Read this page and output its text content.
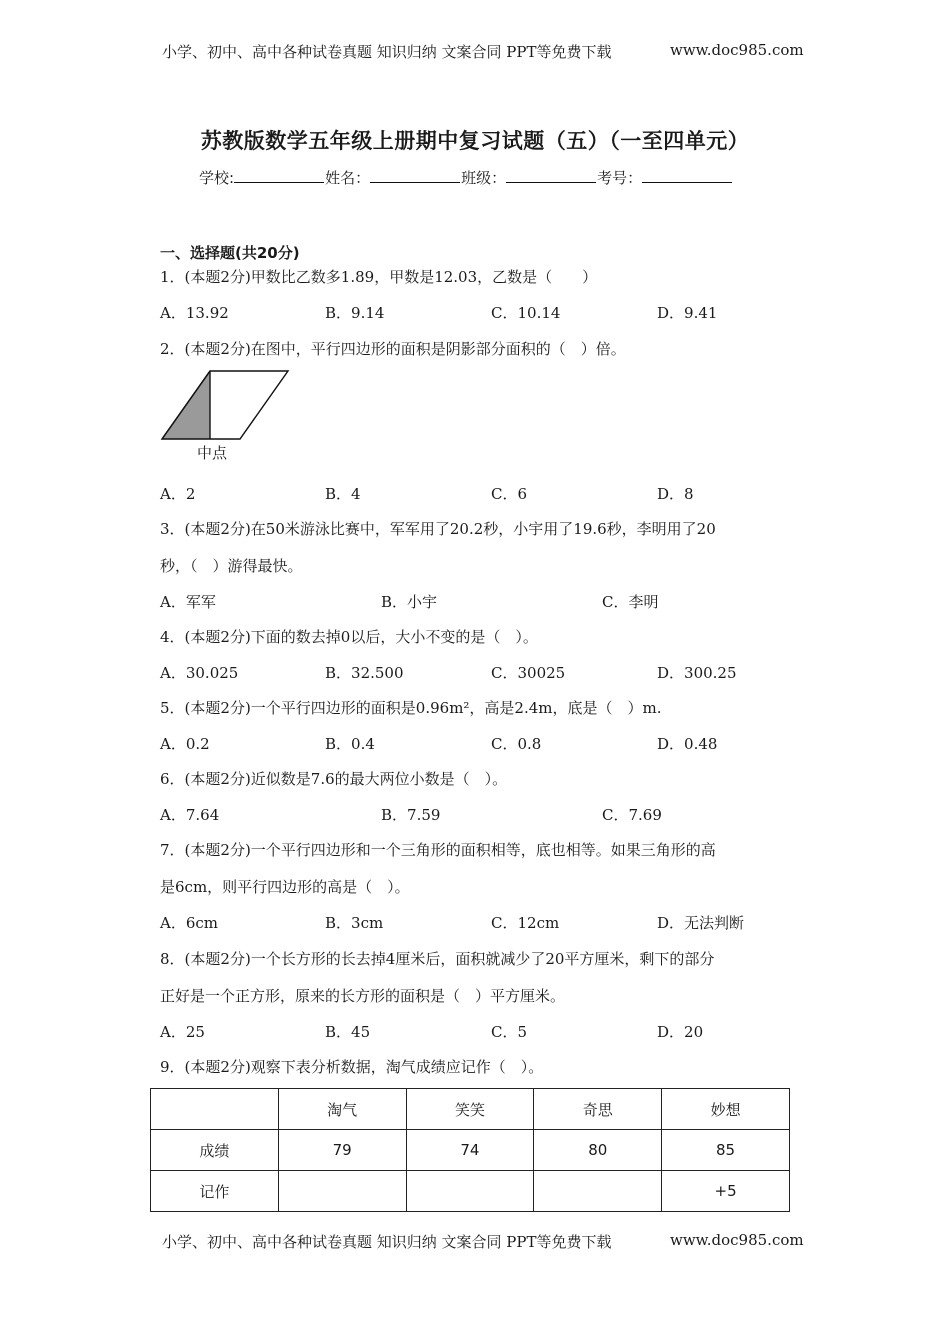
小学、初中、高中各种试卷真题 知识归纳 文案合同 PPT等免费下载	www.doc985.com
苏教版数学五年级上册期中复习试题（五）（一至四单元）
学校:	姓名：	班级：	考号：
一、选择题(共20分)
1．(本题2分)甲数比乙数多1.89，甲数是12.03，乙数是（　　）
A．13.92	B．9.14	C．10.14	D．9.41
2．(本题2分)在图中，平行四边形的面积是阴影部分面积的（　）倍。
中点
A．2	B．4	C．6	D．8
3．(本题2分)在50米游泳比赛中，军军用了20.2秒，小宇用了19.6秒，李明用了20
秒，（　）游得最快。
A．军军	B．小宇	C．李明
4．(本题2分)下面的数去掉0以后，大小不变的是（　）。
A．30.025	B．32.500	C．30025	D．300.25
5．(本题2分)一个平行四边形的面积是0.96m²，高是2.4m，底是（　）m.
A．0.2	B．0.4	C．0.8	D．0.48
6．(本题2分)近似数是7.6的最大两位小数是（　）。
A．7.64	B．7.59	C．7.69
7．(本题2分)一个平行四边形和一个三角形的面积相等，底也相等。如果三角形的高
是6cm，则平行四边形的高是（　）。
A．6cm	B．3cm	C．12cm	D．无法判断
8．(本题2分)一个长方形的长去掉4厘米后，面积就减少了20平方厘米，剩下的部分
正好是一个正方形，原来的长方形的面积是（　）平方厘米。
A．25	B．45	C．5	D．20
9．(本题2分)观察下表分析数据，淘气成绩应记作（　）。
	淘气	笑笑	奇思	妙想
成绩	79	74	80	85
记作				+5
小学、初中、高中各种试卷真题 知识归纳 文案合同 PPT等免费下载	www.doc985.com
